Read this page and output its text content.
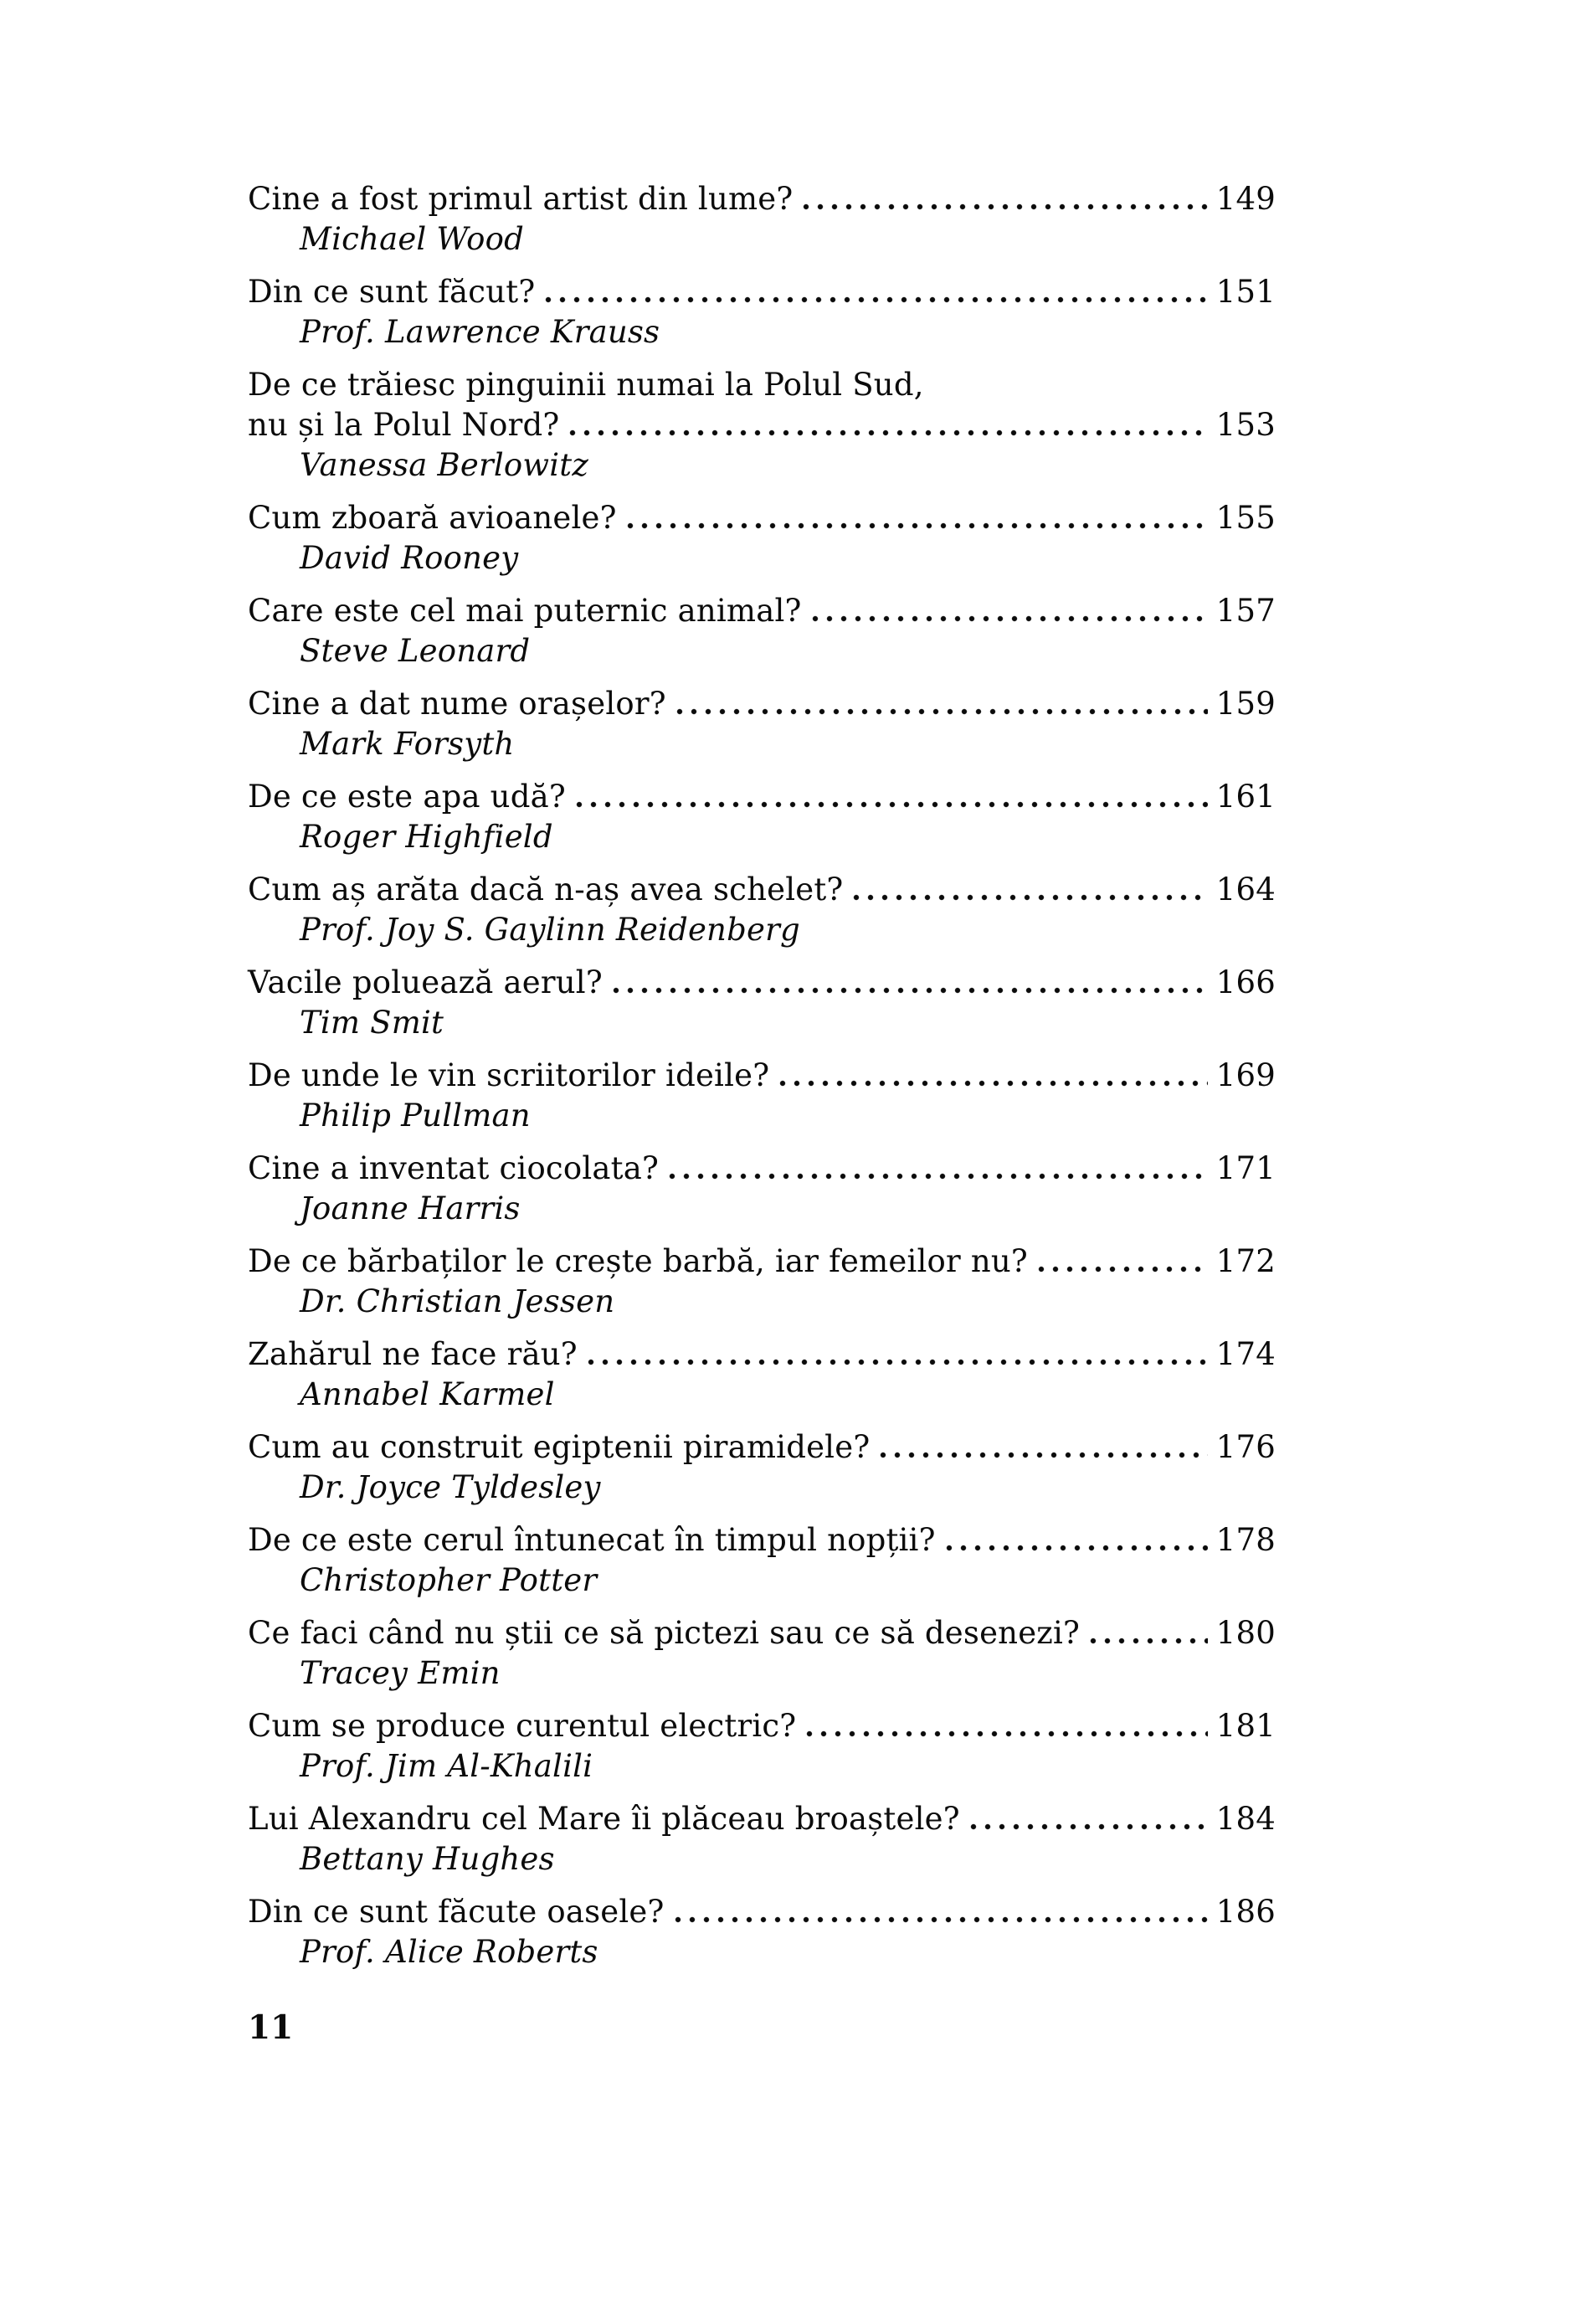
Cine a fost primul artist din lume?	149
Michael Wood
Din ce sunt făcut?	151
Prof. Lawrence Krauss
De ce trăiesc pinguinii numai la Polul Sud,
nu și la Polul Nord?	153
Vanessa Berlowitz
Cum zboară avioanele?	155
David Rooney
Care este cel mai puternic animal?	157
Steve Leonard
Cine a dat nume orașelor?	159
Mark Forsyth
De ce este apa udă?	161
Roger Highfield
Cum aș arăta dacă n-aș avea schelet?	164
Prof. Joy S. Gaylinn Reidenberg
Vacile poluează aerul?	166
Tim Smit
De unde le vin scriitorilor ideile?	169
Philip Pullman
Cine a inventat ciocolata?	171
Joanne Harris
De ce bărbaților le crește barbă, iar femeilor nu?	172
Dr. Christian Jessen
Zahărul ne face rău?	174
Annabel Karmel
Cum au construit egiptenii piramidele?	176
Dr. Joyce Tyldesley
De ce este cerul întunecat în timpul nopții?	178
Christopher Potter
Ce faci când nu știi ce să pictezi sau ce să desenezi?	180
Tracey Emin
Cum se produce curentul electric?	181
Prof. Jim Al-Khalili
Lui Alexandru cel Mare îi plăceau broaștele?	184
Bettany Hughes
Din ce sunt făcute oasele?	186
Prof. Alice Roberts
11
